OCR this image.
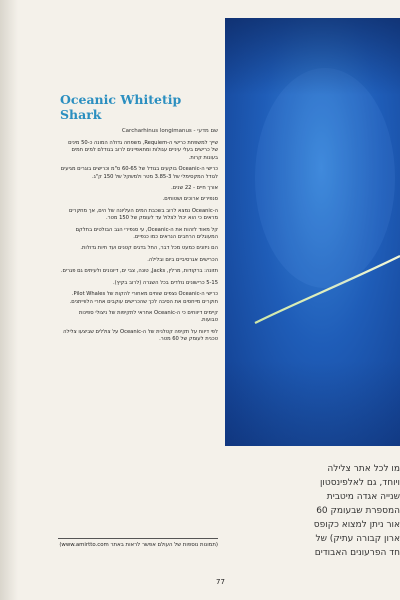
Oceanic Whitetip Shark
שם מדעי - Carcharhinus longimanus

שייך למשפחת כרישי ה-Requiem, משפחה גדולה המונה כ-50 מינים של כרישים בעלי עיניים עגולות ומתאפיינים לרוב בגודלם למים חמים בעונות קרות.

כרישי ה-Oceanic בוקעים בגודל של 60-65 ס"מ וכרישים בוגרים מגיעים לגודל המקסימלי של 3.85-3 מטר ולמשקל של 150 ק"ג.

אורך חיים - 22 שנים.

סנפירים ארוכים ושטוחים.

ה-Oceanic נמצא לרוב בשכבת המים העליונה של הים, אך מחקרים מראים כי הוא יכול לצלול עד לעומק של 150 מטר.

קל מאוד לזהות את ה-Oceanic, עי סנפירי הגב הבולטים בחלקם המעוגלים הרחבים הנראים כמו כנפיים.

הם ניזונים כמעט מכל דבר, החל בדגים קטנים ועד חיות גדולות.

הכרישים אגרסיביים ביום ובלילה.

תזונה: ברקודות, מרלין, Jacks, טונה, צבי ים, דיונונים ולעיתים גם פגרים.

5-15 כרישונים נולדים בכל השגרה (לרוב בקיץ).

כרישי ה-Oceanic נצפים שוחים מאחורי להקות של Pilot Whales. חוקרים מייחסים את הסיבה לכך שהכרישים עוקבים אחרי הלווייתנים.

קיימים דיווחים כי ה-Oceanic אחראי לתקיפות של ניצולי ספינות טבועות.

לפי דיווח על תקיפה קטלנית של ה-Oceanic על צוללים שביצעו צלילה טכנית לעומק של 60 מטר.

(תמונות נוספות של העולם אפשר לראות באתר www.amirtto.com)
77
מו לכל אתר צלילה
ויוחד, גם לאלפינסטון
שנייה אגדה מיטבית
המספרת שבעומק 60
אור ניתן למצוא כקופס
ארון קבורה עתיק) של
חד הפרעונים האבודים
